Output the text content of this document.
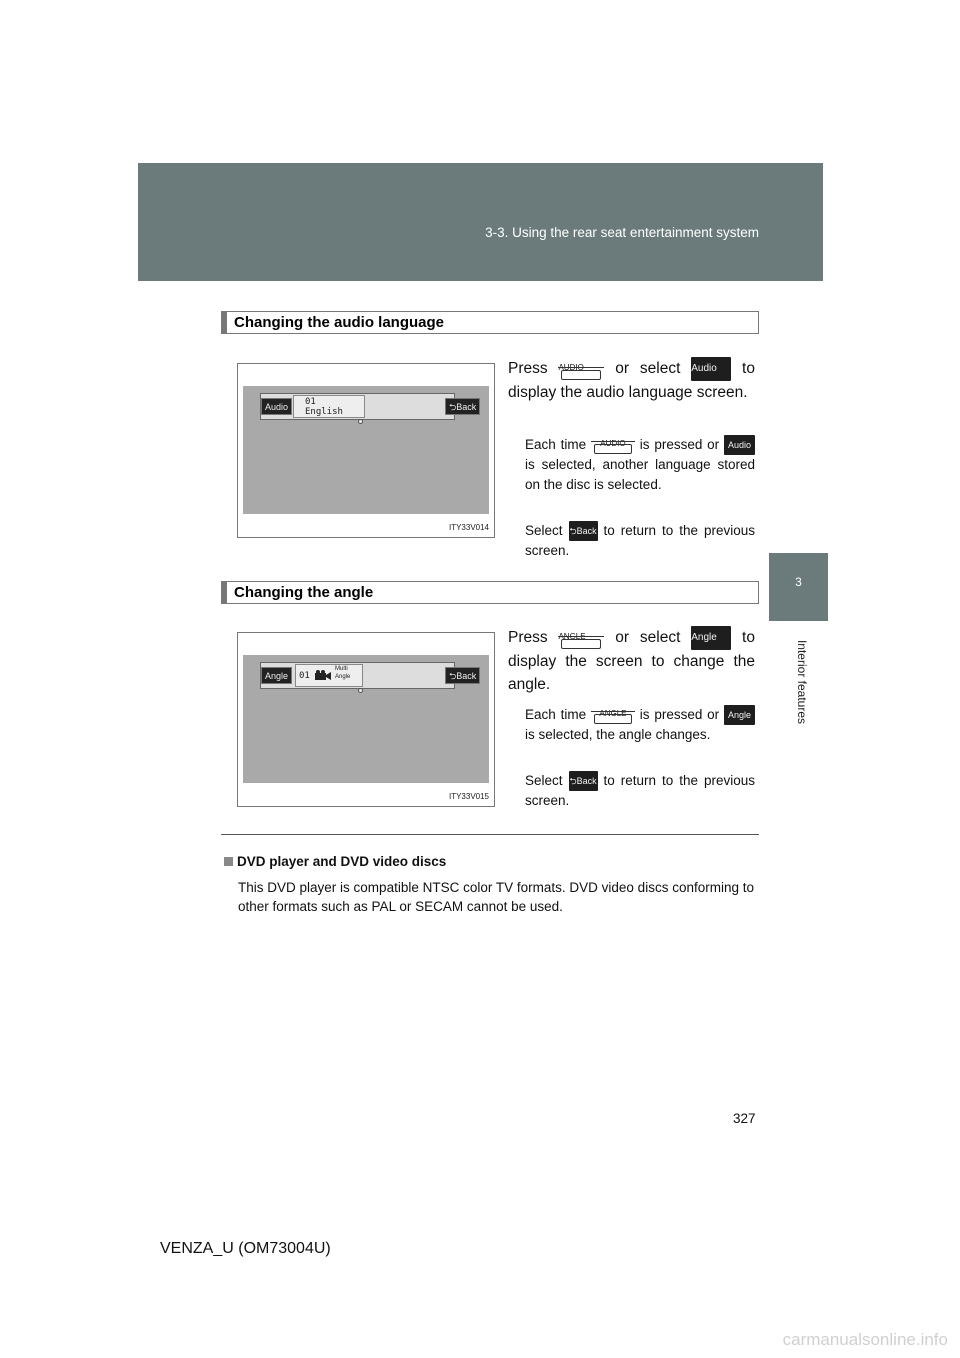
3-3. Using the rear seat entertainment system
3
Interior features
Changing the audio language
Audio	01
English	⮌Back
ITY33V014
Press AUDIO	or select Audio to display the audio language screen.
Each time	AUDIO	is pressed or Audio is selected, another language stored on the disc is selected.
Select ⮌Back to return to the previous screen.
Changing the angle
Angle	01
Multi
Angle	⮌Back
ITY33V015
Press ANGLE	or select Angle to display the screen to change the angle.
Each time	ANGLE is pressed or Angle is selected, the angle changes.
Select ⮌Back to return to the previous screen.
DVD player and DVD video discs
This DVD player is compatible NTSC color TV formats. DVD video discs conforming to other formats such as PAL or SECAM cannot be used.
327
VENZA_U (OM73004U)
carmanualsonline.info
